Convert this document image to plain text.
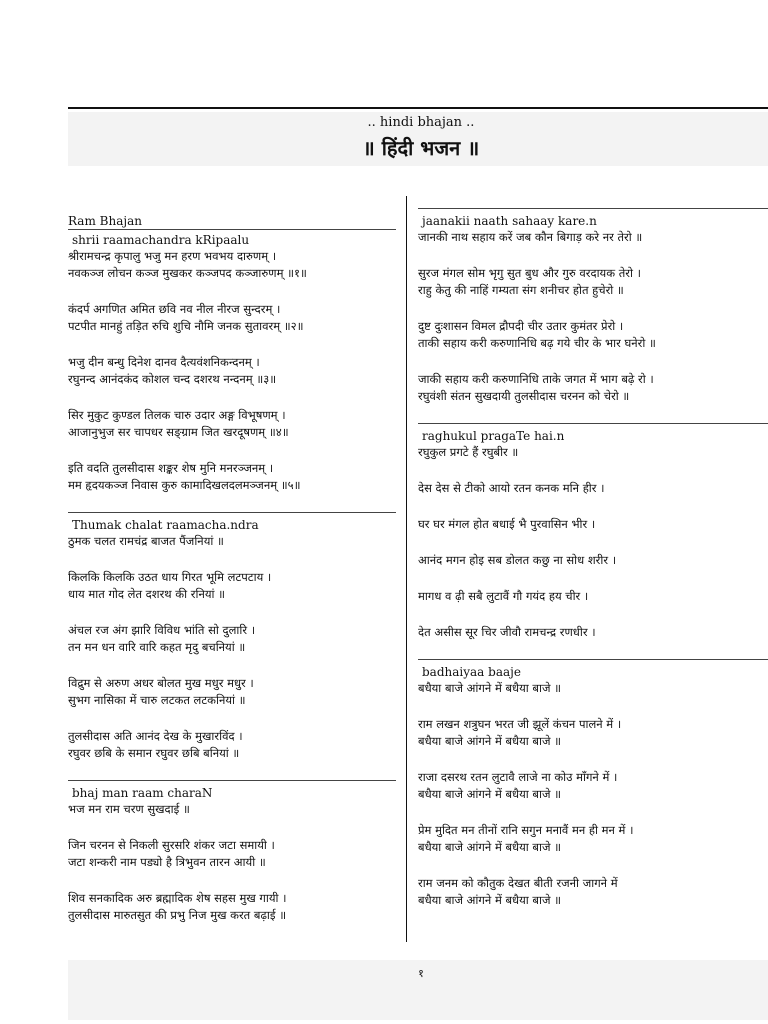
.. hindi bhajan ..
॥ हिंदी भजन ॥
Ram Bhajan
shrii raamachandra kRipaalu
श्रीरामचन्द्र कृपालु भजु मन हरण भवभय दारुणम् ।
नवकञ्ज लोचन कञ्ज मुखकर कञ्जपद कञ्जारुणम् ॥१॥
कंदर्प अगणित अमित छवि नव नील नीरज सुन्दरम् ।
पटपीत मानहुं तड़ित रुचि शुचि नौमि जनक सुतावरम् ॥२॥
भजु दीन बन्धु दिनेश दानव दैत्यवंशनिकन्दनम् ।
रघुनन्द आनंदकंद कोशल चन्द दशरथ नन्दनम् ॥३॥
सिर मुकुट कुण्डल तिलक चारु उदार अङ्ग विभूषणम् ।
आजानुभुज सर चापधर सङ्ग्राम जित खरदूषणम् ॥४॥
इति वदति तुलसीदास शङ्कर शेष मुनि मनरञ्जनम् ।
मम हृदयकञ्ज निवास कुरु कामादिखलदलमञ्जनम् ॥५॥
Thumak chalat raamacha.ndra
ठुमक चलत रामचंद्र बाजत पैंजनियां ॥
किलकि किलकि उठत धाय गिरत भूमि लटपटाय ।
धाय मात गोद लेत दशरथ की रनियां ॥
अंचल रज अंग झारि विविध भांति सो दुलारि ।
तन मन धन वारि वारि कहत मृदु बचनियां ॥
विद्रुम से अरुण अधर बोलत मुख मधुर मधुर ।
सुभग नासिका में चारु लटकत लटकनियां ॥
तुलसीदास अति आनंद देख के मुखारविंद ।
रघुवर छबि के समान रघुवर छबि बनियां ॥
bhaj man raam charaN
भज मन राम चरण सुखदाई ॥
जिन चरनन से निकली सुरसरि शंकर जटा समायी ।
जटा शन्करी नाम पड्यो है त्रिभुवन तारन आयी ॥
शिव सनकादिक अरु ब्रह्मादिक शेष सहस मुख गायी ।
तुलसीदास मारुतसुत की प्रभु निज मुख करत बढ़ाई ॥
jaanakii naath sahaay kare.n
जानकी नाथ सहाय करें जब कौन बिगाड़ करे नर तेरो ॥
सुरज मंगल सोम भृगु सुत बुध और गुरु वरदायक तेरो ।
राहु केतु की नाहिं गम्यता संग शनीचर होत हुचेरो ॥
दुष्ट दुःशासन विमल द्रौपदी चीर उतार कुमंतर प्रेरो ।
ताकी सहाय करी करुणानिधि बढ़ गये चीर के भार घनेरो ॥
जाकी सहाय करी करुणानिधि ताके जगत में भाग बढ़े रो ।
रघुवंशी संतन सुखदायी तुलसीदास चरनन को चेरो ॥
raghukul pragaTe hai.n
रघुकुल प्रगटे हैं रघुबीर ॥
देस देस से टीको आयो रतन कनक मनि हीर ।
घर घर मंगल होत बधाई भै पुरवासिन भीर ।
आनंद मगन होइ सब डोलत कछु ना सोध शरीर ।
मागध व ढ़ी सबै लुटावैं गौ गयंद हय चीर ।
देत असीस सूर चिर जीवौ रामचन्द्र रणधीर ।
badhaiyaa baaje
बधैया बाजे आंगने में बधैया बाजे ॥
राम लखन शत्रुघन भरत जी झूलें कंचन पालने में ।
बधैया बाजे आंगने में बधैया बाजे ॥
राजा दसरथ रतन लुटावै लाजे ना कोउ माँगने में ।
बधैया बाजे आंगने में बधैया बाजे ॥
प्रेम मुदित मन तीनों रानि सगुन मनावैं मन ही मन में ।
बधैया बाजे आंगने में बधैया बाजे ॥
राम जनम को कौतुक देखत बीती रजनी जागने में
बधैया बाजे आंगने में बधैया बाजे ॥
१
